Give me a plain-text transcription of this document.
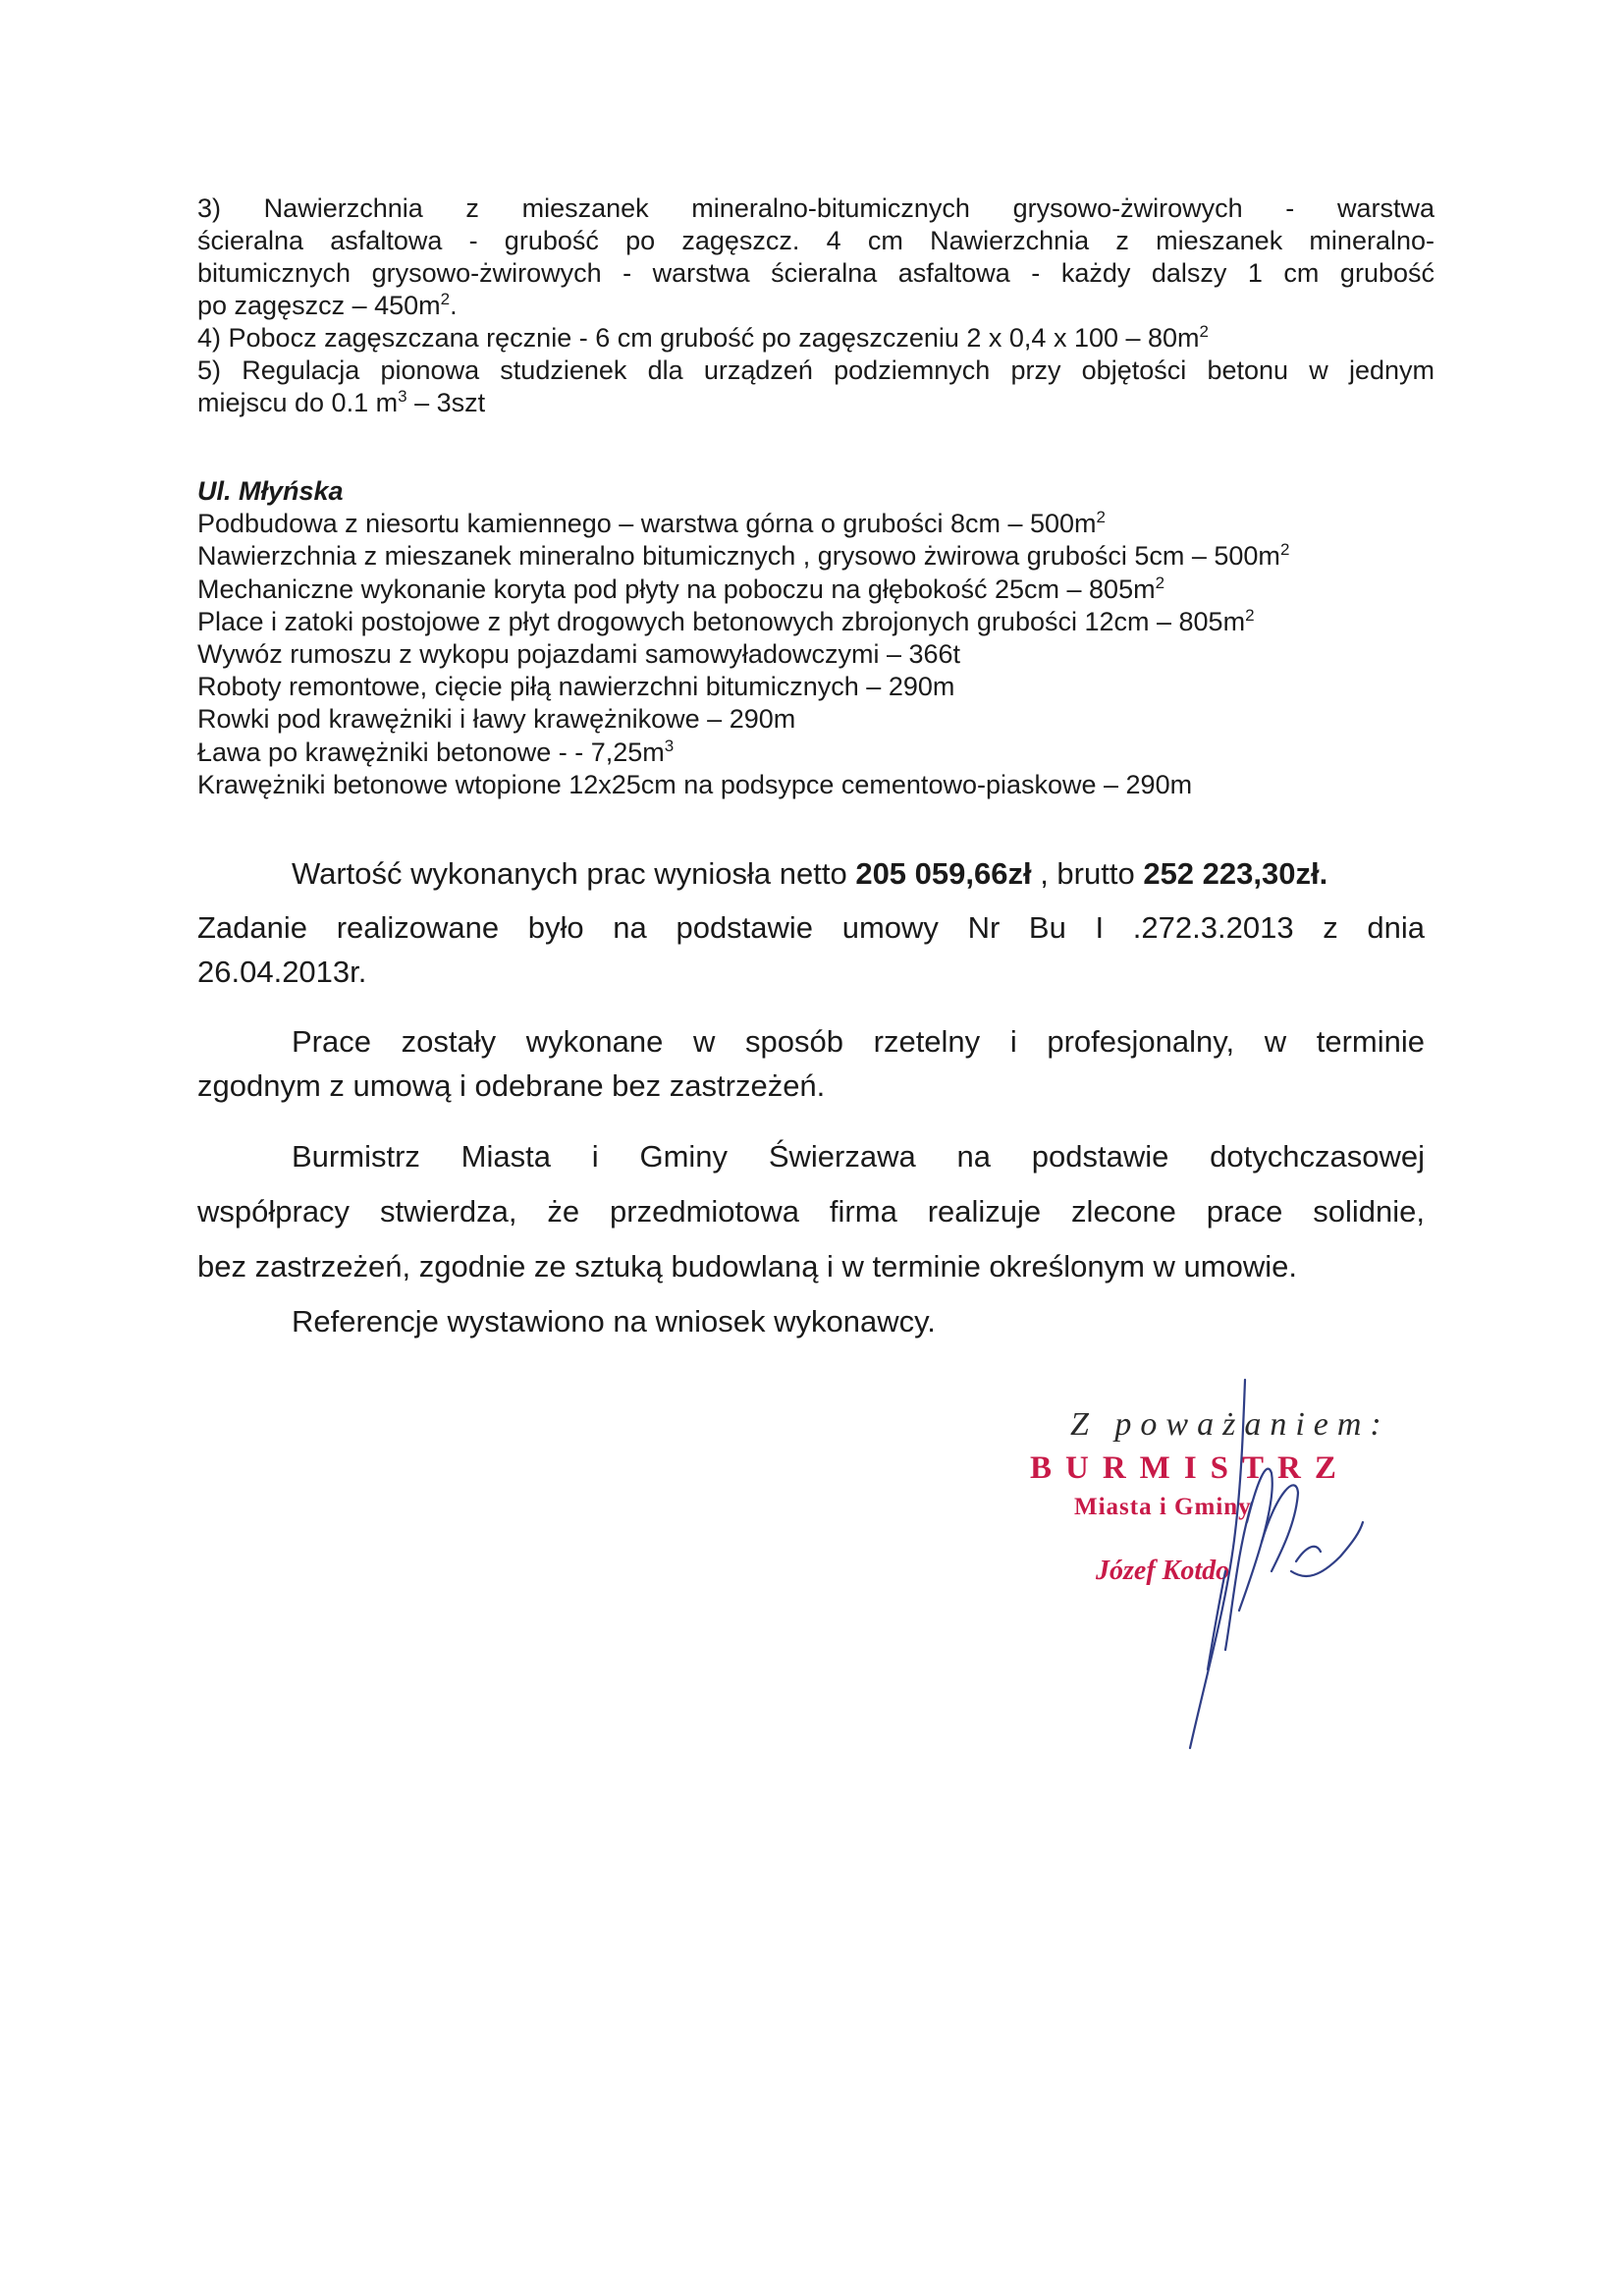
3) Nawierzchnia z mieszanek mineralno-bitumicznych grysowo-żwirowych - warstwa

ścieralna asfaltowa - grubość po zagęszcz. 4 cm Nawierzchnia z mieszanek mineralno-

bitumicznych grysowo-żwirowych - warstwa ścieralna asfaltowa - każdy dalszy 1 cm grubość

po zagęszcz – $450m^2$.

4) Pobocz zagęszczana ręcznie - 6 cm grubość po zagęszczeniu 2 x 0,4 x $100 - 80m^2$

5) Regulacja pionowa studzienek dla urządzeń podziemnych przy objętości betonu w jednym

miejscu do 0.1 $m^3 - 3szt$

Ul. Młyńska

Podbudowa z niesortu kamiennego – warstwa górna o grubości $8cm - 500m^2$

Nawierzchnia z mieszanek mineralno bitumicznych , grysowo żwirowa grubości $5cm - 500m^2$

Mechaniczne wykonanie koryta pod płyty na poboczu na głębokość $25cm - 805m^2$

Place i zatoki postojowe z płyt drogowych betonowych zbrojonych grubości $12cm - 805m^2$

Wywóz rumoszu z wykopu pojazdami samowyładowczymi – 366t

Roboty remontowe, cięcie piłą nawierzchni bitumicznych – 290m

Rowki pod krawężniki i ławy krawężnikowe – 290m

Ława po krawężniki betonowe - - $7,25m^3$

Krawężniki betonowe wtopione 12x25cm na podsypce cementowo-piaskowe – 290m

Wartość wykonanych prac wyniosła netto 205 059,66zł , brutto 252 223,30zł.

Zadanie realizowane było na podstawie umowy Nr Bu I .272.3.2013 z dnia

26.04.2013r.

Prace zostały wykonane w sposób rzetelny i profesjonalny, w terminie

zgodnym z umową i odebrane bez zastrzeżeń.

Burmistrz Miasta i Gminy Świerzawa na podstawie dotychczasowej

współpracy stwierdza, że przedmiotowa firma realizuje zlecone prace solidnie,

bez zastrzeżeń, zgodnie ze sztuką budowlaną i w terminie określonym w umowie.

Referencje wystawiono na wniosek wykonawcy.

Z poważaniem:
BURMISTRZ
Miasta i Gminy
Józef Kotdo
